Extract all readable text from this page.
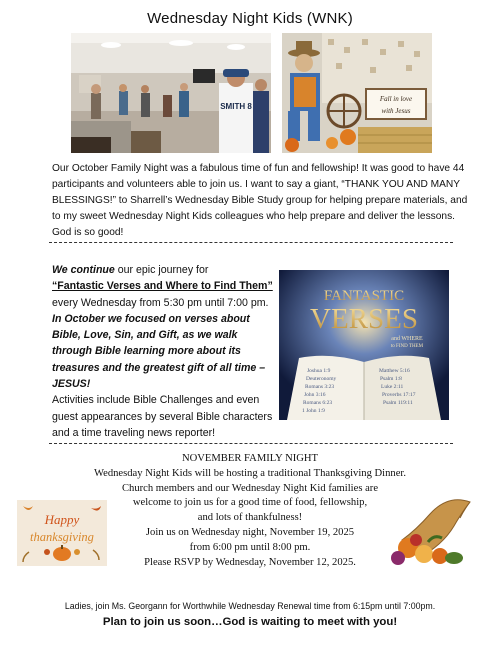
Wednesday Night Kids (WNK)
SMITH 8
Fall in love
with Jesus
Our October Family Night was a fabulous time of fun and fellowship! It was good to have 44 participants and volunteers able to join us. I want to say a giant, “THANK YOU AND MANY BLESSINGS!” to Sharrell’s Wednesday Bible Study group for helping prepare materials, and to my sweet Wednesday Night Kids colleagues who help prepare and deliver the lessons. God is so good!

We continue our epic journey for

“Fantastic Verses and Where to Find Them”

every Wednesday from 5:30 pm until 7:00 pm.

In October we focused on verses about Bible, Love, Sin, and Gift, as we walk through Bible learning more about its treasures and the greatest gift of all time – JESUS!

Activities include Bible Challenges and even guest appearances by several Bible characters and a time traveling news reporter!

FANTASTIC
VERSES
and WHERE
to FIND THEM
Joshua 1:9
Deuteronomy
Romans 3:23
John 3:16
Romans 6:23
1 John 1:9
Matthew 5:16
Psalm 1:8
Luke 2:11
Proverbs 17:17
Psalm 119:11
NOVEMBER FAMILY NIGHT
Wednesday Night Kids will be hosting a traditional Thanksgiving Dinner.
Church members and our Wednesday Night Kid families are
welcome to join us for a good time of food, fellowship,
and lots of thankfulness!
Join us on Wednesday night, November 19, 2025
from 6:00 pm until 8:00 pm.
Please RSVP by Wednesday, November 12, 2025.
Happy
thanksgiving
Ladies, join Ms. Georgann for Worthwhile Wednesday Renewal time from 6:15pm until 7:00pm.
Plan to join us soon…God is waiting to meet with you!
